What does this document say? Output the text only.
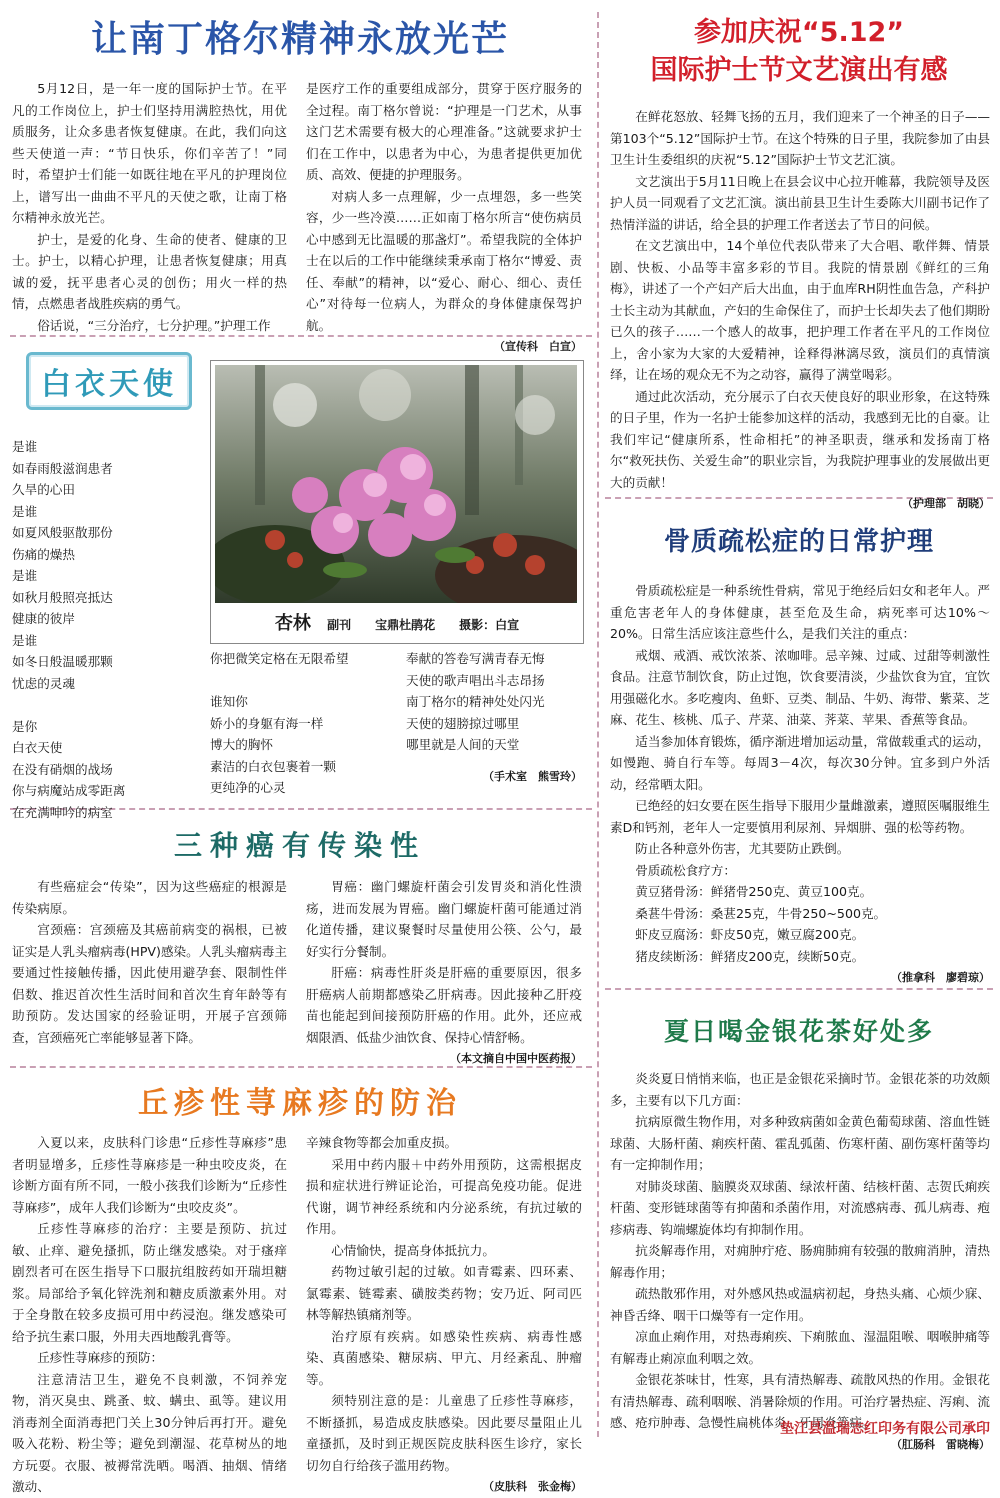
让南丁格尔精神永放光芒

5月12日，是一年一度的国际护士节。在平凡的工作岗位上，护士们坚持用满腔热忱，用优质服务，让众多患者恢复健康。在此，我们向这些天使道一声：“节日快乐，你们辛苦了！”同时，希望护士们能一如既往地在平凡的护理岗位上，谱写出一曲曲不平凡的天使之歌，让南丁格尔精神永放光芒。

护士，是爱的化身、生命的使者、健康的卫士。护士，以精心护理，让患者恢复健康；用真诚的爱，抚平患者心灵的创伤；用火一样的热情，点燃患者战胜疾病的勇气。

俗话说，“三分治疗，七分护理。”护理工作

是医疗工作的重要组成部分，贯穿于医疗服务的全过程。南丁格尔曾说：“护理是一门艺术，从事这门艺术需要有极大的心理准备。”这就要求护士们在工作中，以患者为中心，为患者提供更加优质、高效、便捷的护理服务。

对病人多一点理解，少一点埋怨，多一些笑容，少一些冷漠……正如南丁格尔所言“使伤病员心中感到无比温暖的那盏灯”。希望我院的全体护士在以后的工作中能继续秉承南丁格尔“博爱、责任、奉献”的精神，以“爱心、耐心、细心、责任心”对待每一位病人，为群众的身体健康保驾护航。

（宣传科　白宣）
白衣天使
是谁
如春雨般滋润患者
久旱的心田
是谁
如夏风般驱散那份
伤痛的燥热
是谁
如秋月般照亮抵达
健康的彼岸
是谁
如冬日般温暖那颗
忧虑的灵魂
是你
白衣天使
在没有硝烟的战场
你与病魔站成零距离
在充满呻吟的病室
杏林 副刊　　宝鼎杜鹃花　　摄影：白宣
你把微笑定格在无限希望
谁知你
娇小的身躯有海一样
博大的胸怀
素洁的白衣包裹着一颗
更纯净的心灵
奉献的答卷写满青春无悔
天使的歌声唱出斗志昂扬
南丁格尔的精神处处闪光
天使的翅膀掠过哪里
哪里就是人间的天堂
（手术室　熊雪玲）
三种癌有传染性

有些癌症会“传染”，因为这些癌症的根源是传染病原。

宫颈癌：宫颈癌及其癌前病变的祸根，已被证实是人乳头瘤病毒(HPV)感染。人乳头瘤病毒主要通过性接触传播，因此使用避孕套、限制性伴侣数、推迟首次性生活时间和首次生育年龄等有助预防。发达国家的经验证明，开展子宫颈筛查，宫颈癌死亡率能够显著下降。

胃癌：幽门螺旋杆菌会引发胃炎和消化性溃疡，进而发展为胃癌。幽门螺旋杆菌可能通过消化道传播，建议聚餐时尽量使用公筷、公勺，最好实行分餐制。

肝癌：病毒性肝炎是肝癌的重要原因，很多肝癌病人前期都感染乙肝病毒。因此接种乙肝疫苗也能起到间接预防肝癌的作用。此外，还应戒烟限酒、低盐少油饮食、保持心情舒畅。

（本文摘自中国中医药报）
丘疹性荨麻疹的防治

入夏以来，皮肤科门诊患“丘疹性荨麻疹”患者明显增多，丘疹性荨麻疹是一种虫咬皮炎，在诊断方面有所不同，一般小孩我们诊断为“丘疹性荨麻疹”，成年人我们诊断为“虫咬皮炎”。

丘疹性荨麻疹的治疗：主要是预防、抗过敏、止痒、避免搔抓，防止继发感染。对于瘙痒剧烈者可在医生指导下口服抗组胺药如开瑞坦糖浆。局部给予氧化锌洗剂和糖皮质激素外用。对于全身散在较多皮损可用中药浸泡。继发感染可给予抗生素口服，外用夫西地酸乳膏等。

丘疹性荨麻疹的预防：

注意清洁卫生，避免不良刺激，不饲养宠物，消灭臭虫、跳蚤、蚊、螨虫、虱等。建议用消毒剂全面消毒把门关上30分钟后再打开。避免吸入花粉、粉尘等；避免到潮湿、花草树丛的地方玩耍。衣服、被褥常洗晒。喝酒、抽烟、情绪激动、

辛辣食物等都会加重皮损。

采用中药内服＋中药外用预防，这需根据皮损和症状进行辨证论治，可提高免疫功能。促进代谢，调节神经系统和内分泌系统，有抗过敏的作用。

心情愉快，提高身体抵抗力。

药物过敏引起的过敏。如青霉素、四环素、氯霉素、链霉素、磺胺类药物；安乃近、阿司匹林等解热镇痛剂等。

治疗原有疾病。如感染性疾病、病毒性感染、真菌感染、糖尿病、甲亢、月经紊乱、肿瘤等。

须特别注意的是：儿童患了丘疹性荨麻疹，不断搔抓，易造成皮肤感染。因此要尽量阻止儿童搔抓，及时到正规医院皮肤科医生诊疗，家长切勿自行给孩子滥用药物。

（皮肤科　张金梅）
参加庆祝“5.12”
国际护士节文艺演出有感

在鲜花怒放、轻舞飞扬的五月，我们迎来了一个神圣的日子——第103个“5.12”国际护士节。在这个特殊的日子里，我院参加了由县卫生计生委组织的庆祝“5.12”国际护士节文艺汇演。

文艺演出于5月11日晚上在县会议中心拉开帷幕，我院领导及医护人员一同观看了文艺汇演。演出前县卫生计生委陈大川副书记作了热情洋溢的讲话，给全县的护理工作者送去了节日的问候。

在文艺演出中，14个单位代表队带来了大合唱、歌伴舞、情景剧、快板、小品等丰富多彩的节目。我院的情景剧《鲜红的三角梅》，讲述了一个产妇产后大出血，由于血库RH阴性血告急，产科护士长主动为其献血，产妇的生命保住了，而护士长却失去了他们期盼已久的孩子……一个感人的故事，把护理工作者在平凡的工作岗位上，舍小家为大家的大爱精神，诠释得淋漓尽致，演员们的真情演绎，让在场的观众无不为之动容，赢得了满堂喝彩。

通过此次活动，充分展示了白衣天使良好的职业形象，在这特殊的日子里，作为一名护士能参加这样的活动，我感到无比的自豪。让我们牢记“健康所系，性命相托”的神圣职责，继承和发扬南丁格尔“救死扶伤、关爱生命”的职业宗旨，为我院护理事业的发展做出更大的贡献！

（护理部　胡晓）
骨质疏松症的日常护理

骨质疏松症是一种系统性骨病，常见于绝经后妇女和老年人。严重危害老年人的身体健康，甚至危及生命，病死率可达10%～20%。日常生活应该注意些什么，是我们关注的重点：

戒烟、戒酒、戒饮浓茶、浓咖啡。忌辛辣、过咸、过甜等刺激性食品。注意节制饮食，防止过饱，饮食要清淡，少盐饮食为宜，宜饮用强磁化水。多吃瘦肉、鱼虾、豆类、制品、牛奶、海带、紫菜、芝麻、花生、核桃、瓜子、芹菜、油菜、荠菜、苹果、香蕉等食品。

适当参加体育锻炼，循序渐进增加运动量，常做载重式的运动，如慢跑、骑自行车等。每周3－4次，每次30分钟。宜多到户外活动，经常晒太阳。

已绝经的妇女要在医生指导下服用少量雌激素，遵照医嘱服维生素D和钙剂，老年人一定要慎用利尿剂、异烟肼、强的松等药物。

防止各种意外伤害，尤其要防止跌倒。

骨质疏松食疗方：

黄豆猪骨汤：鲜猪骨250克、黄豆100克。

桑葚牛骨汤：桑葚25克，牛骨250~500克。

虾皮豆腐汤：虾皮50克，嫩豆腐200克。

猪皮续断汤：鲜猪皮200克，续断50克。

（推拿科　廖碧琼）
夏日喝金银花茶好处多

炎炎夏日悄悄来临，也正是金银花采摘时节。金银花茶的功效颇多，主要有以下几方面：

抗病原微生物作用，对多种致病菌如金黄色葡萄球菌、溶血性链球菌、大肠杆菌、痢疾杆菌、霍乱弧菌、伤寒杆菌、副伤寒杆菌等均有一定抑制作用；

对肺炎球菌、脑膜炎双球菌、绿浓杆菌、结核杆菌、志贺氏痢疾杆菌、变形链球菌等有抑菌和杀菌作用，对流感病毒、孤儿病毒、疱疹病毒、钩端螺旋体均有抑制作用。

抗炎解毒作用，对痈肿疔疮、肠痈肺痈有较强的散痈消肿，清热解毒作用；

疏热散邪作用，对外感风热或温病初起，身热头痛、心烦少寐、神昏舌绛、咽干口燥等有一定作用。

凉血止痢作用，对热毒痢疾、下痢脓血、湿温阻喉、咽喉肿痛等有解毒止痢凉血利咽之效。

金银花茶味甘，性寒，具有清热解毒、疏散风热的作用。金银花有清热解毒、疏利咽喉、消暑除烦的作用。可治疗暑热症、泻痢、流感、疮疖肿毒、急慢性扁桃体炎、牙周炎等病。

（肛肠科　雷晓梅）
垫江县温瑞志红印务有限公司承印
